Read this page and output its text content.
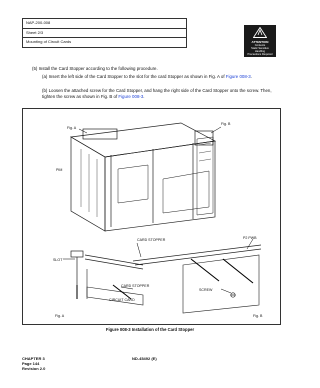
NAP-200-008
Sheet 2/3
Mounting of Circuit Cards	ATTENTION
Contents
Static Sensitive
Handling
Precautions Required
(5) Install the Card Stopper according to the following procedure.
(a) Insert the left side of the Card Stopper to the slot for the card Stopper as shown in Fig. A of Figure 008-3.
(b) Loosen the attached screw for the Card Stopper, and hang the right side of the Card Stopper onto the screw. Then, tighten the screw as shown in Fig. B of Figure 008-3.
Fig. A
Fig. B
PIM
CARD STOPPER	P2 PWB
SLOT
CARD STOPPER
SCREW
CIRCUIT CARD
Fig. A	Fig. B
Figure 008-3 Installation of the Card Stopper
CHAPTER 3
Page 144
Revision 2.0
ND-45492 (E)
